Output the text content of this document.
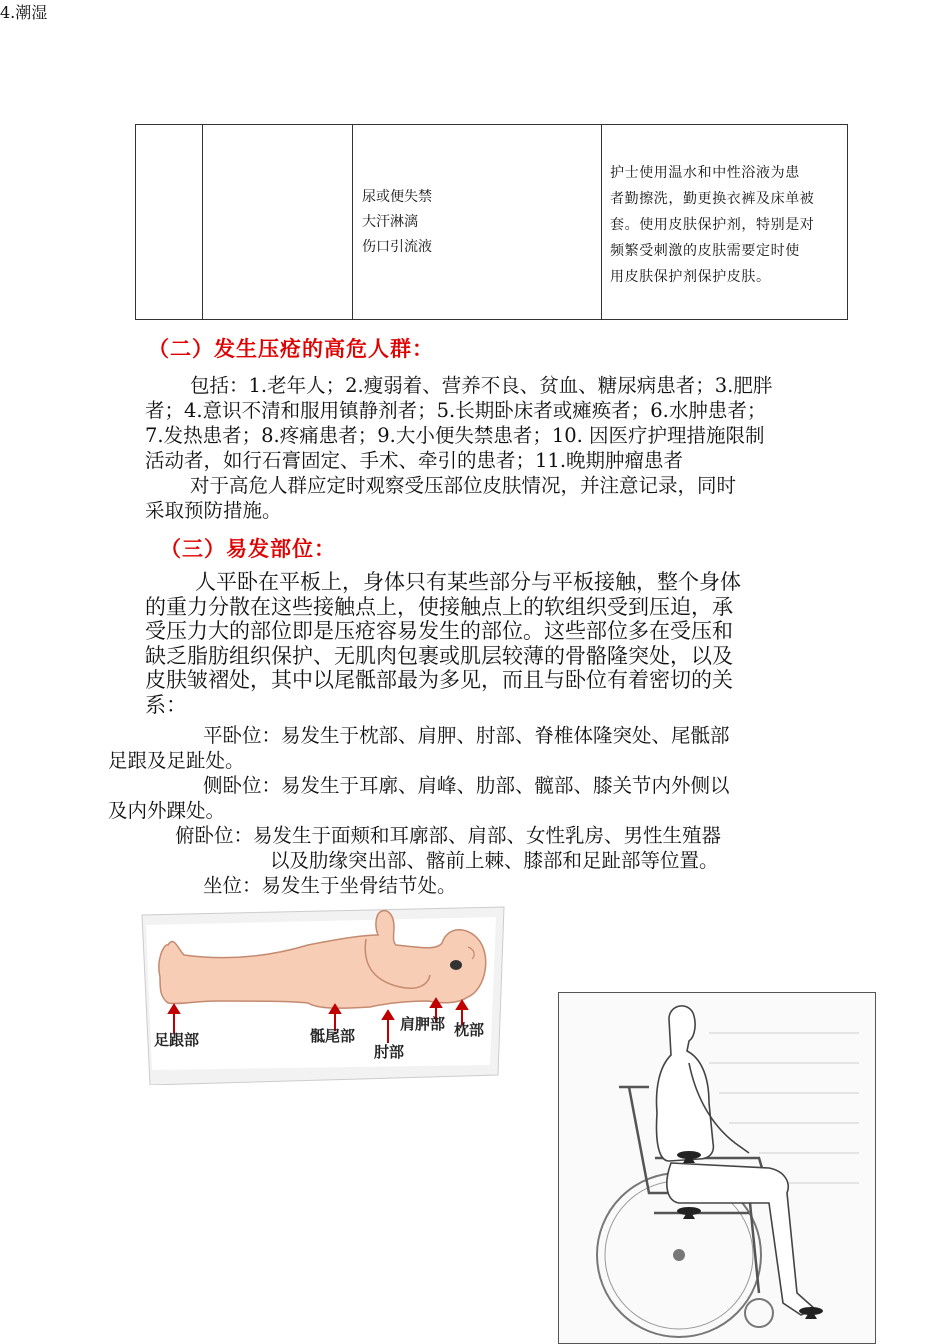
4.潮湿
尿或便失禁
大汗淋漓
伤口引流液
护士使用温水和中性浴液为患
者勤擦洗，勤更换衣裤及床单被
套。使用皮肤保护剂，特别是对
频繁受刺激的皮肤需要定时使
用皮肤保护剂保护皮肤。
（二）发生压疮的高危人群：
包括：1.老年人；2.瘦弱着、营养不良、贫血、糖尿病患者；3.肥胖
者；4.意识不清和服用镇静剂者；5.长期卧床者或瘫痪者；6.水肿患者；
7.发热患者；8.疼痛患者；9.大小便失禁患者；10. 因医疗护理措施限制
活动者，如行石膏固定、手术、牵引的患者；11.晚期肿瘤患者
对于高危人群应定时观察受压部位皮肤情况，并注意记录，同时
采取预防措施。
（三）易发部位：
人平卧在平板上，身体只有某些部分与平板接触，整个身体
的重力分散在这些接触点上，使接触点上的软组织受到压迫，承
受压力大的部位即是压疮容易发生的部位。这些部位多在受压和
缺乏脂肪组织保护、无肌肉包裹或肌层较薄的骨骼隆突处，以及
皮肤皱褶处，其中以尾骶部最为多见，而且与卧位有着密切的关
系：
平卧位：易发生于枕部、肩胛、肘部、脊椎体隆突处、尾骶部
足跟及足趾处。
侧卧位：易发生于耳廓、肩峰、肋部、髋部、膝关节内外侧以
及内外踝处。
俯卧位：易发生于面颊和耳廓部、肩部、女性乳房、男性生殖器
以及肋缘突出部、髂前上棘、膝部和足趾部等位置。
坐位：易发生于坐骨结节处。
足跟部	骶尾部
肘部
肩胛部 枕部
